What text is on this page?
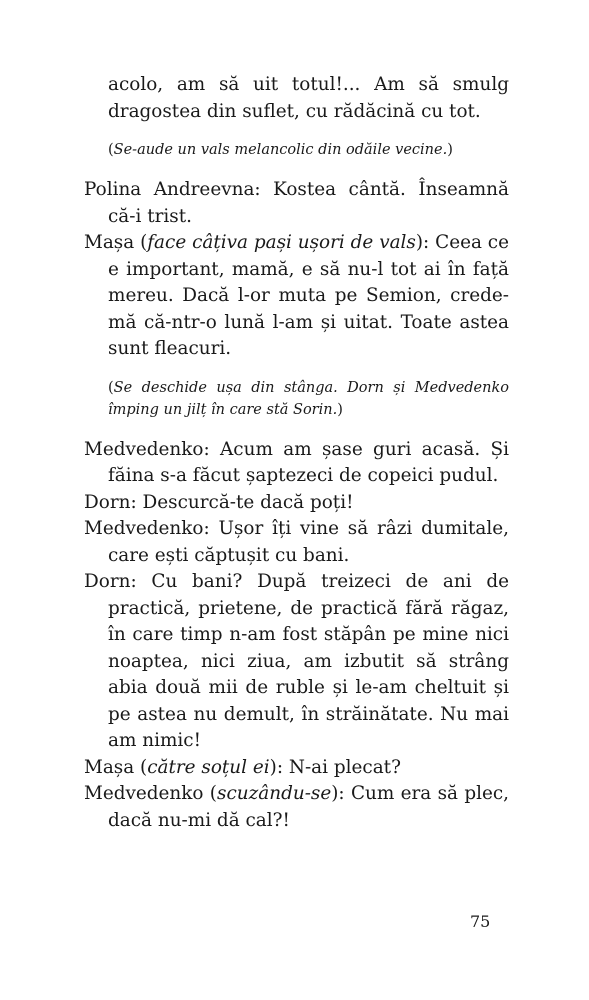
acolo, am să uit totul!... Am să smulg dragostea din suflet, cu rădăcină cu tot.

(Se-aude un vals melancolic din odăile vecine.)

Polina Andreevna: Kostea cântă. Înseamnă că-i trist.

Mașa (face câțiva pași ușori de vals): Ceea ce e important, mamă, e să nu-l tot ai în față mereu. Dacă l-or muta pe Semion, crede-mă că-ntr-o lună l-am și uitat. Toate astea sunt fleacuri.

(Se deschide ușa din stânga. Dorn și Medvedenko împing un jilț în care stă Sorin.)

Medvedenko: Acum am șase guri acasă. Și făina s-a făcut șaptezeci de copeici pudul.

Dorn: Descurcă-te dacă poți!

Medvedenko: Ușor îți vine să râzi dumitale, care ești căptușit cu bani.

Dorn: Cu bani? După treizeci de ani de practică, prietene, de practică fără răgaz, în care timp n-am fost stăpân pe mine nici noaptea, nici ziua, am izbutit să strâng abia două mii de ruble și le-am cheltuit și pe astea nu demult, în străinătate. Nu mai am nimic!

Mașa (către soțul ei): N-ai plecat?

Medvedenko (scuzându-se): Cum era să plec, dacă nu-mi dă cal?!

75
